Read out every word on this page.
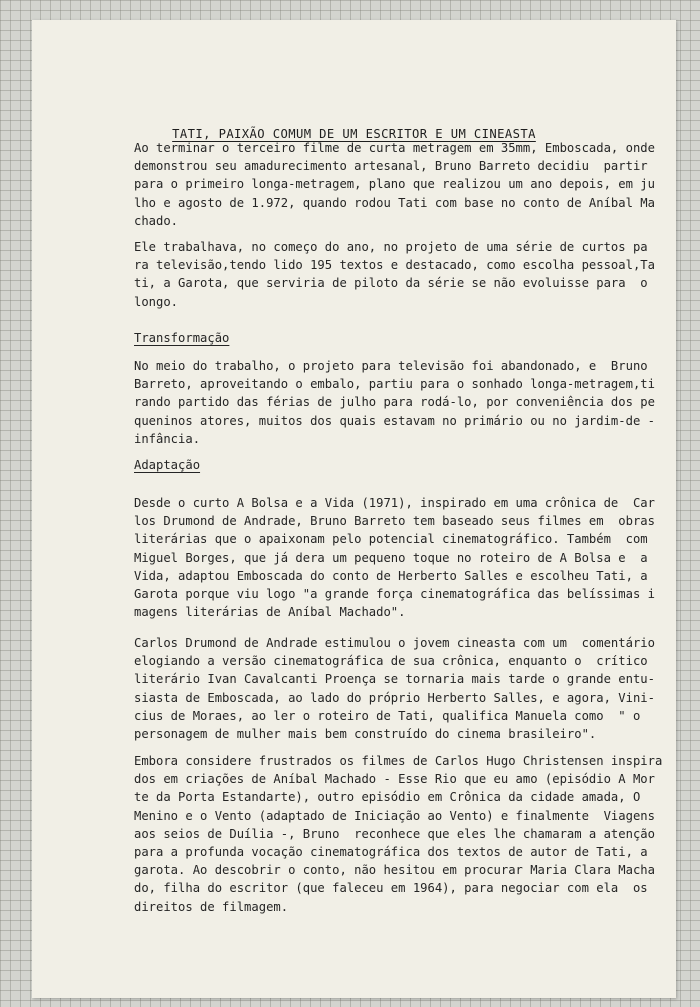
TATI, PAIXÃO COMUM DE UM ESCRITOR E UM CINEASTA
Ao terminar o terceiro filme de curta metragem em 35mm, Emboscada, onde
demonstrou seu amadurecimento artesanal, Bruno Barreto decidiu  partir
para o primeiro longa-metragem, plano que realizou um ano depois, em ju
lho e agosto de 1.972, quando rodou Tati com base no conto de Aníbal Ma
chado.
Ele trabalhava, no começo do ano, no projeto de uma série de curtos pa
ra televisão,tendo lido 195 textos e destacado, como escolha pessoal,Ta
ti, a Garota, que serviria de piloto da série se não evoluisse para  o
longo.
Transformação
No meio do trabalho, o projeto para televisão foi abandonado, e  Bruno
Barreto, aproveitando o embalo, partiu para o sonhado longa-metragem,ti
rando partido das férias de julho para rodá-lo, por conveniência dos pe
queninos atores, muitos dos quais estavam no primário ou no jardim-de -
infância.
Adaptação
Desde o curto A Bolsa e a Vida (1971), inspirado em uma crônica de  Car
los Drumond de Andrade, Bruno Barreto tem baseado seus filmes em  obras
literárias que o apaixonam pelo potencial cinematográfico. Também  com
Miguel Borges, que já dera um pequeno toque no roteiro de A Bolsa e  a
Vida, adaptou Emboscada do conto de Herberto Salles e escolheu Tati, a
Garota porque viu logo "a grande força cinematográfica das belíssimas i
magens literárias de Aníbal Machado".
Carlos Drumond de Andrade estimulou o jovem cineasta com um  comentário
elogiando a versão cinematográfica de sua crônica, enquanto o  crítico
literário Ivan Cavalcanti Proença se tornaria mais tarde o grande entu-
siasta de Emboscada, ao lado do próprio Herberto Salles, e agora, Vini-
cius de Moraes, ao ler o roteiro de Tati, qualifica Manuela como  " o
personagem de mulher mais bem construído do cinema brasileiro".
Embora considere frustrados os filmes de Carlos Hugo Christensen inspira
dos em criações de Aníbal Machado - Esse Rio que eu amo (episódio A Mor
te da Porta Estandarte), outro episódio em Crônica da cidade amada, O
Menino e o Vento (adaptado de Iniciação ao Vento) e finalmente  Viagens
aos seios de Duília -, Bruno  reconhece que eles lhe chamaram a atenção
para a profunda vocação cinematográfica dos textos de autor de Tati, a
garota. Ao descobrir o conto, não hesitou em procurar Maria Clara Macha
do, filha do escritor (que faleceu em 1964), para negociar com ela  os
direitos de filmagem.
